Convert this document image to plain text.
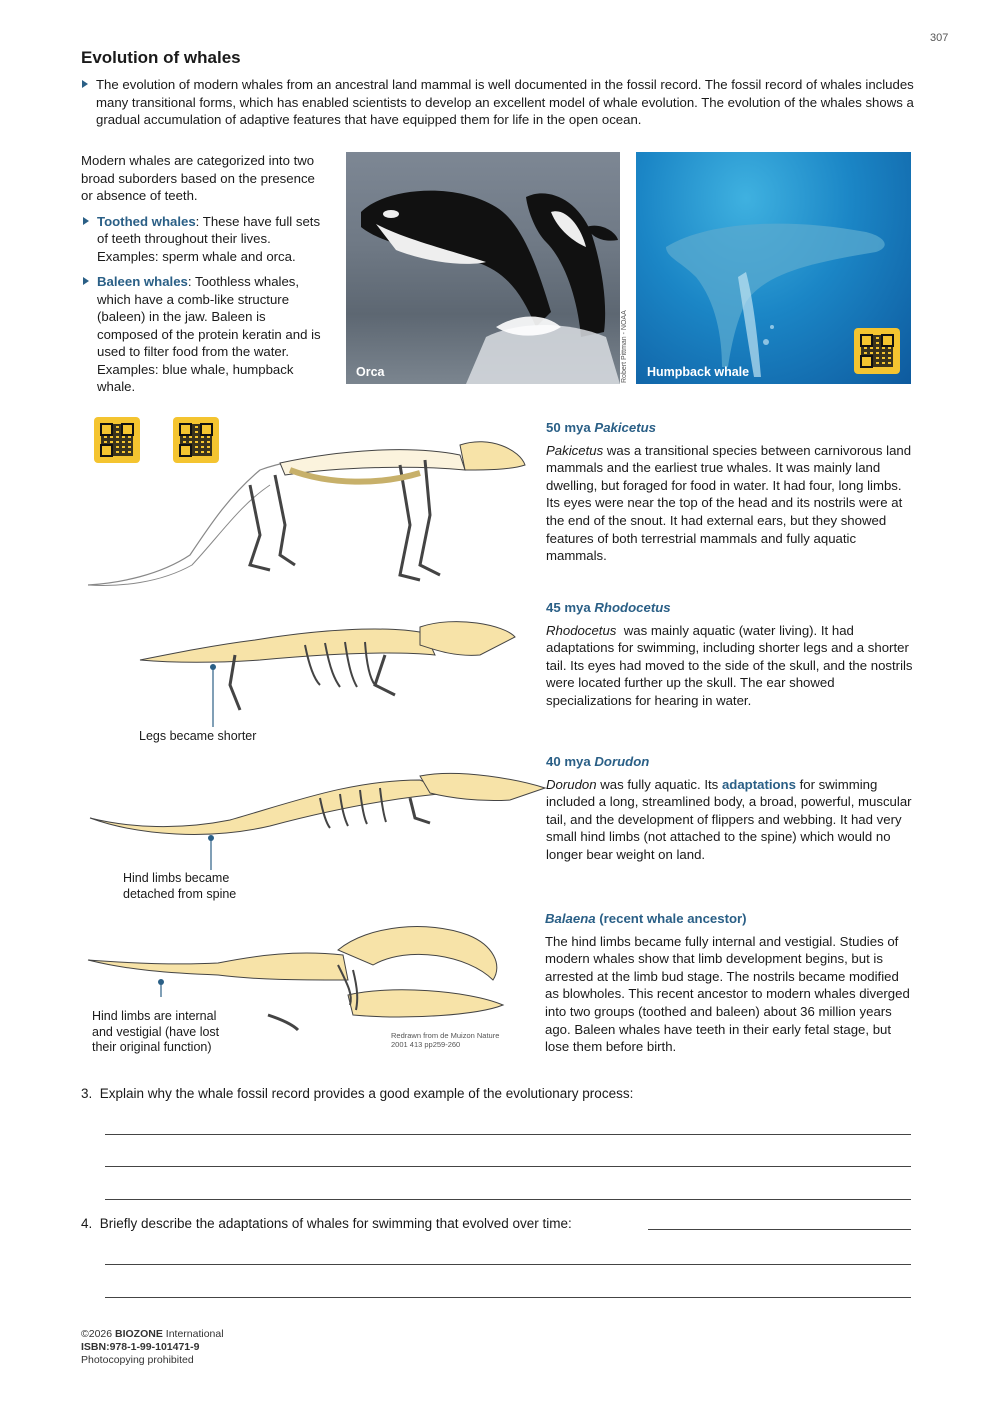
307
Evolution of whales
The evolution of modern whales from an ancestral land mammal is well documented in the fossil record. The fossil record of whales includes many transitional forms, which has enabled scientists to develop an excellent model of whale evolution. The evolution of the whales shows a gradual accumulation of adaptive features that have equipped them for life in the open ocean.
Modern whales are categorized into two broad suborders based on the presence or absence of teeth.
Toothed whales: These have full sets of teeth throughout their lives. Examples: sperm whale and orca.
Baleen whales: Toothless whales, which have a comb-like structure (baleen) in the jaw. Baleen is composed of the protein keratin and is used to filter food from the water. Examples: blue whale, humpback whale.
Orca	Robert Pittman - NOAA Humpback whale
Legs became shorter
Hind limbs became
detached from spine
Hind limbs are internal
and vestigial (have lost
their original function)
Redrawn from de Muizon Nature
2001 413 pp259-260
50 mya Pakicetus
Pakicetus was a transitional species between carnivorous land mammals and the earliest true whales. It was mainly land dwelling, but foraged for food in water. It had four, long limbs. Its eyes were near the top of the head and its nostrils were at the end of the snout. It had external ears, but they showed features of both terrestrial mammals and fully aquatic mammals.
45 mya Rhodocetus
Rhodocetus  was mainly aquatic (water living). It had adaptations for swimming, including shorter legs and a shorter tail. Its eyes had moved to the side of the skull, and the nostrils were located further up the skull. The ear showed specializations for hearing in water.
40 mya Dorudon
Dorudon was fully aquatic. Its adaptations for swimming included a long, streamlined body, a broad, powerful, muscular tail, and the development of flippers and webbing. It had very small hind limbs (not attached to the spine) which would no longer bear weight on land.
Balaena (recent whale ancestor)
The hind limbs became fully internal and vestigial. Studies of modern whales show that limb development begins, but is arrested at the limb bud stage. The nostrils became modified as blowholes. This recent ancestor to modern whales diverged into two groups (toothed and baleen) about 36 million years ago. Baleen whales have teeth in their early fetal stage, but lose them before birth.
3. Explain why the whale fossil record provides a good example of the evolutionary process:
4. Briefly describe the adaptations of whales for swimming that evolved over time:
©2026 BIOZONE International
ISBN:978-1-99-101471-9
Photocopying prohibited
